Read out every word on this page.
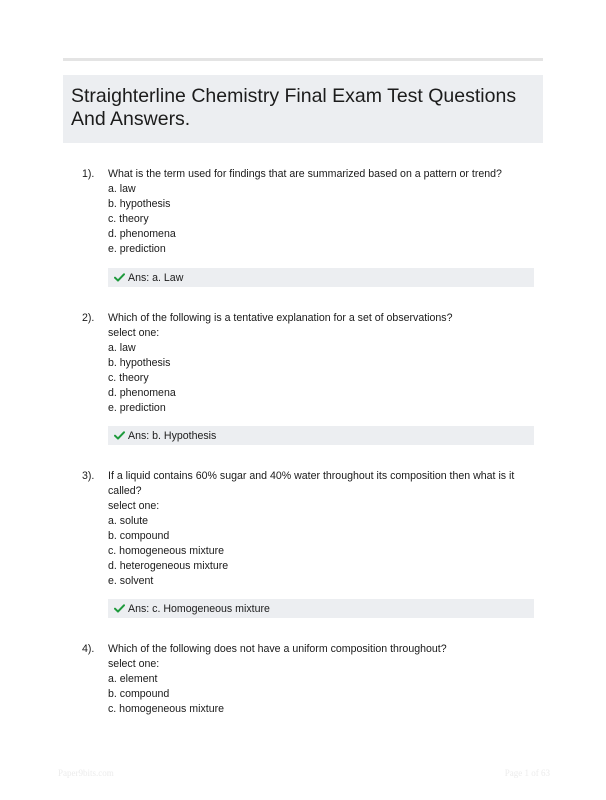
Straighterline Chemistry Final Exam Test Questions And Answers.
1). What is the term used for findings that are summarized based on a pattern or trend?

a. law
b. hypothesis
c. theory
d. phenomena
e. prediction
Ans: a. Law
2). Which of the following is a tentative explanation for a set of observations?

select one:

a. law
b. hypothesis
c. theory
d. phenomena
e. prediction
Ans: b. Hypothesis
3). If a liquid contains 60% sugar and 40% water throughout its composition then what is it called?

select one:

a. solute
b. compound
c. homogeneous mixture
d. heterogeneous mixture
e. solvent
Ans: c. Homogeneous mixture
4). Which of the following does not have a uniform composition throughout?

select one:

a. element
b. compound
c. homogeneous mixture
Paper9bits.com	Page 1 of 63
